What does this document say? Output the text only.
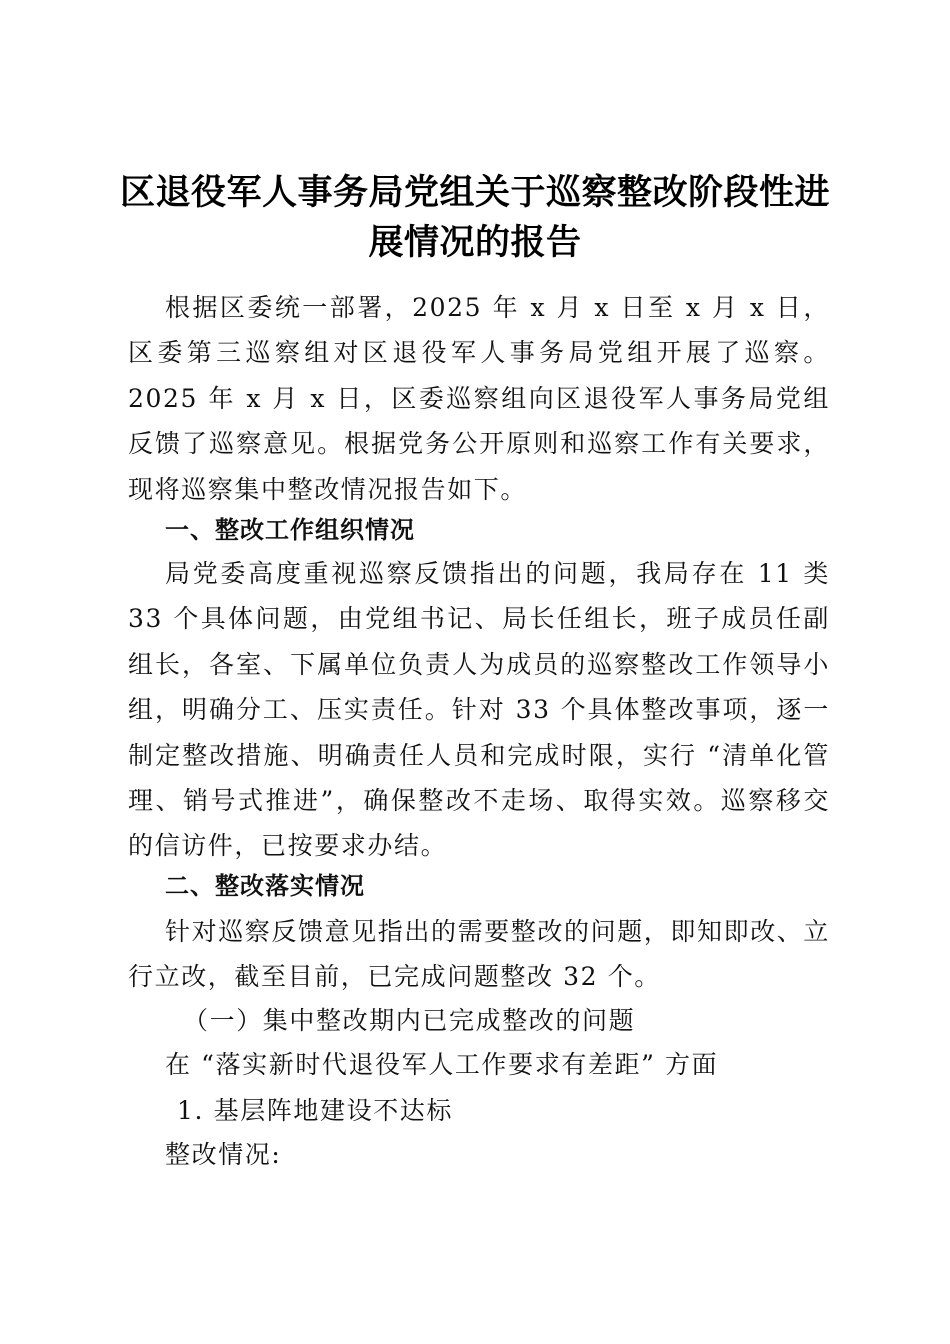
区退役军人事务局党组关于巡察整改阶段性进展情况的报告
根据区委统一部署，2025 年 x 月 x 日至 x 月 x 日，区委第三巡察组对区退役军人事务局党组开展了巡察。2025 年 x 月 x 日，区委巡察组向区退役军人事务局党组反馈了巡察意见。根据党务公开原则和巡察工作有关要求，现将巡察集中整改情况报告如下。
一、整改工作组织情况
局党委高度重视巡察反馈指出的问题，我局存在 11 类 33 个具体问题，由党组书记、局长任组长，班子成员任副组长，各室、下属单位负责人为成员的巡察整改工作领导小组，明确分工、压实责任。针对 33 个具体整改事项，逐一制定整改措施、明确责任人员和完成时限，实行 “清单化管理、销号式推进”，确保整改不走场、取得实效。巡察移交的信访件，已按要求办结。
二、整改落实情况
针对巡察反馈意见指出的需要整改的问题，即知即改、立行立改，截至目前，已完成问题整改 32 个。
（一）集中整改期内已完成整改的问题
在 “落实新时代退役军人工作要求有差距” 方面
1. 基层阵地建设不达标
整改情况:
